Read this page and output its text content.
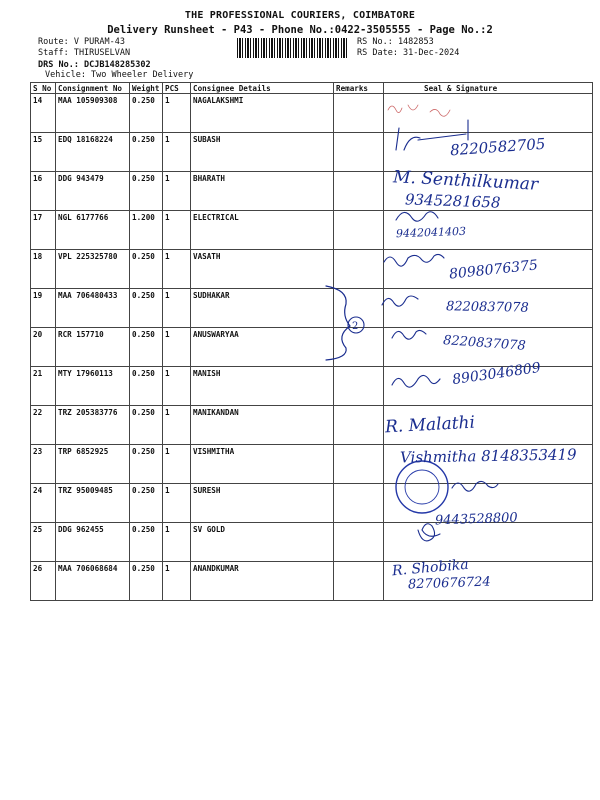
THE PROFESSIONAL COURIERS, COIMBATORE
Delivery Runsheet - P43 - Phone No.:0422-3505555 - Page No.:2
Route: V PURAM-43
Staff: THIRUSELVAN
DRS No.: DCJB148285302
RS No.: 1482853
RS Date: 31-Dec-2024
Vehicle: Two Wheeler Delivery
S No	Consignment No	Weight	PCS	Consignee Details	Remarks	Seal & Signature
14	MAA 105909308	0.250	1	NAGALAKSHMI		
15	EDQ 18168224	0.250	1	SUBASH		
16	DDG 943479	0.250	1	BHARATH		
17	NGL 6177766	1.200	1	ELECTRICAL		
18	VPL 225325780	0.250	1	VASATH		
19	MAA 706480433	0.250	1	SUDHAKAR		
20	RCR 157710	0.250	1	ANUSWARYAA		
21	MTY 17960113	0.250	1	MANISH		
22	TRZ 205383776	0.250	1	MANIKANDAN		
23	TRP 6852925	0.250	1	VISHMITHA		
24	TRZ 95009485	0.250	1	SURESH		
25	DDG 962455	0.250	1	SV GOLD		
26	MAA 706068684	0.250	1	ANANDKUMAR		
2
8220582705
M. Senthilkumar
9345281658
9442041403
8098076375
8220837078
8220837078
8903046809
R. Malathi
Vishmitha 8148353419
9443528800
R. Shobika
8270676724
